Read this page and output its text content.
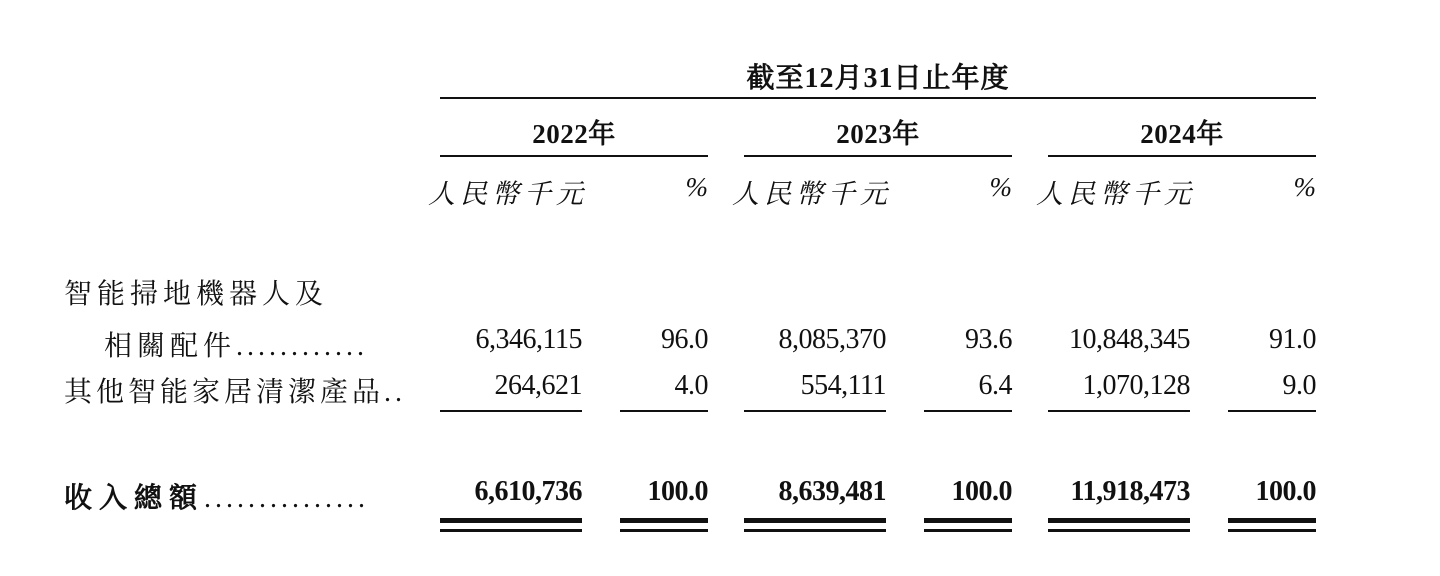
截至12月31日止年度
2022年	2023年	2024年
人民幣千元	% 人民幣千元	% 人民幣千元	%
智能掃地機器人及
相關配件............	6,346,115	96.0	8,085,370	93.6 10,848,345	91.0
其他智能家居清潔產品..	264,621	4.0	554,111	6.4	1,070,128	9.0
收入總額...............	6,610,736 100.0	8,639,481 100.0 11,918,473 100.0
